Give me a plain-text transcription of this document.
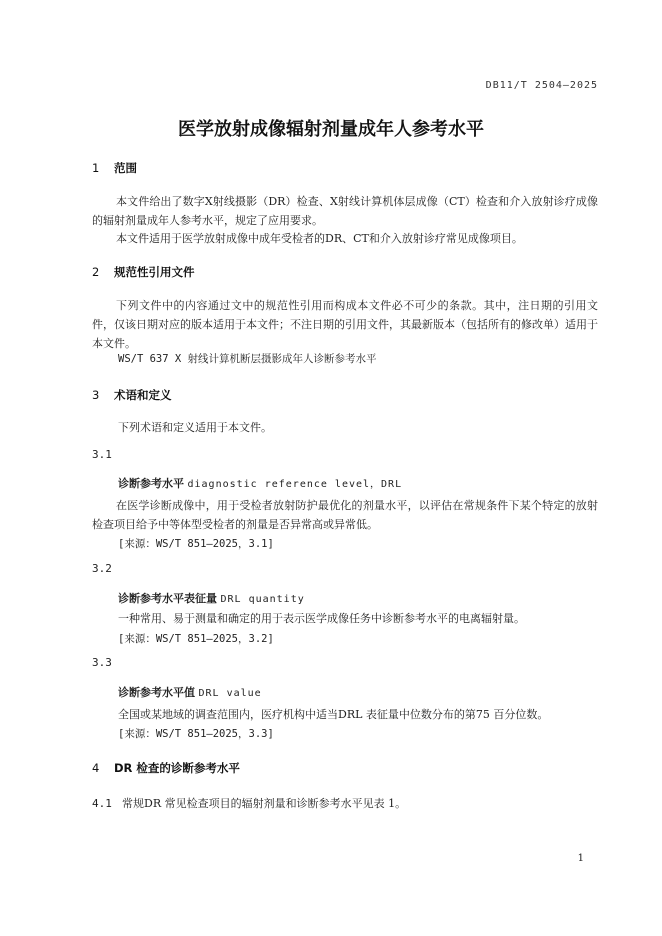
DB11/T 2504—2025
医学放射成像辐射剂量成年人参考水平
1 范围
本文件给出了数字X射线摄影（DR）检查、X射线计算机体层成像（CT）检查和介入放射诊疗成像的辐射剂量成年人参考水平，规定了应用要求。
本文件适用于医学放射成像中成年受检者的DR、CT和介入放射诊疗常见成像项目。
2 规范性引用文件
下列文件中的内容通过文中的规范性引用而构成本文件必不可少的条款。其中，注日期的引用文件，仅该日期对应的版本适用于本文件；不注日期的引用文件，其最新版本（包括所有的修改单）适用于本文件。
WS/T 637 X 射线计算机断层摄影成年人诊断参考水平
3 术语和定义
下列术语和定义适用于本文件。
3.1
诊断参考水平 diagnostic reference level，DRL
在医学诊断成像中，用于受检者放射防护最优化的剂量水平，以评估在常规条件下某个特定的放射检查项目给予中等体型受检者的剂量是否异常高或异常低。
[来源：WS/T 851—2025，3.1]
3.2
诊断参考水平表征量 DRL quantity
一种常用、易于测量和确定的用于表示医学成像任务中诊断参考水平的电离辐射量。
[来源：WS/T 851—2025，3.2]
3.3
诊断参考水平值 DRL value
全国或某地域的调查范围内，医疗机构中适当DRL 表征量中位数分布的第75 百分位数。
[来源：WS/T 851—2025，3.3]
4 DR 检查的诊断参考水平
4.1 常规DR 常见检查项目的辐射剂量和诊断参考水平见表 1。
1
